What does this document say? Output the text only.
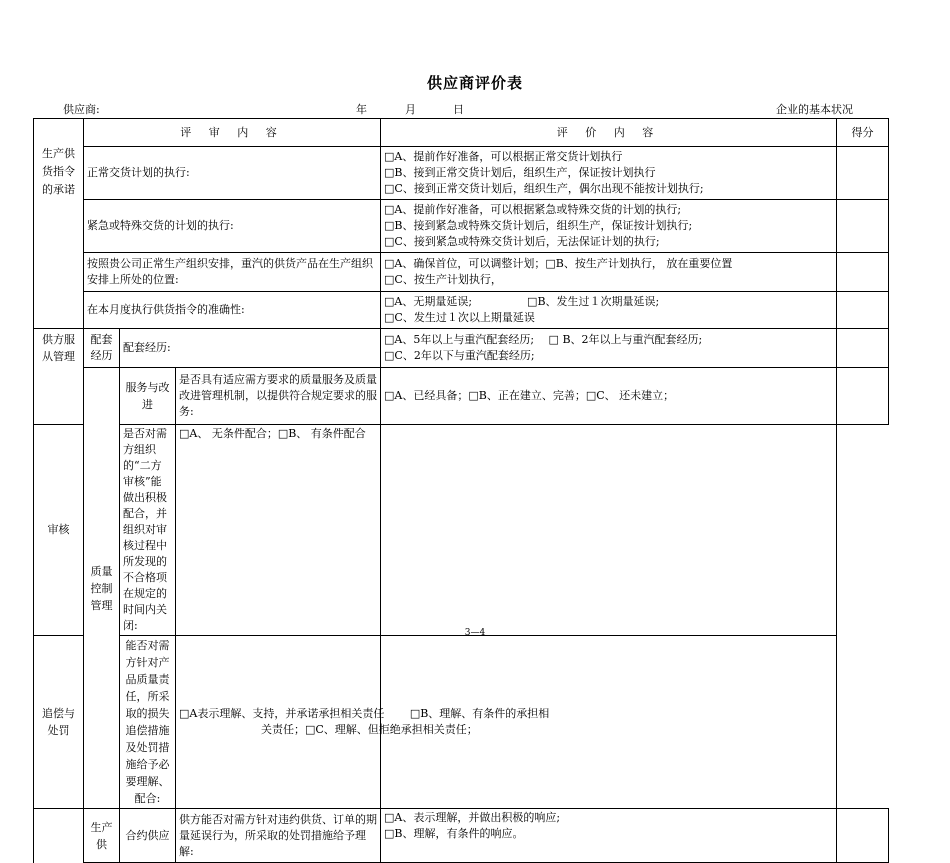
供应商评价表
供应商:	年	月	日	企业的基本状况
生产供货指令的承诺	评 审 内 容			评 价 内 容	得分
	正常交货计划的执行:			□A、提前作好准备，可以根据正常交货计划执行
□B、接到正常交货计划后，组织生产，保证按计划执行
□C、接到正常交货计划后，组织生产，偶尔出现不能按计划执行;	

	紧急或特殊交货的计划的执行:			□A、提前作好准备，可以根据紧急或特殊交货的计划的执行;
□B、接到紧急或特殊交货计划后，组织生产，保证按计划执行;
□C、接到紧急或特殊交货计划后，无法保证计划的执行;	

	按照贵公司正常生产组织安排，重汽的供货产品在生产组织安排上所处的位置:			□A、确保首位，可以调整计划；□B、按生产计划执行， 放在重要位置
□C、按生产计划执行，	

	在本月度执行供货指令的准确性:			□A、无期量延误;　　　　　□B、发生过１次期量延误;
□C、发生过１次以上期量延误	

供方服从管理	配套经历	配套经历:		□A、5年以上与重汽配套经历;　 □ B、2年以上与重汽配套经历;
□C、2年以下与重汽配套经历;	

	质量控制管理	服务与改进	是否具有适应需方要求的质量服务及质量改进管理机制，以提供符合规定要求的服务:	□A、已经具备；□B、正在建立、完善；□C、 还未建立；	

审核		是否对需方组织的“二方审核”能做出积极配合，并组织对审核过程中所发现的不合格项在规定的时间内关闭:	□A、 无条件配合；□B、 有条件配合		

追偿与处罚		能否对需方针对产品质量责任，所采取的损失追偿措施及处罚措施给予必要理解、配合:	□A表示理解、支持，并承诺承担相关责任　　 □B、理解、有条件的承担相
关责任；□C、理解、但拒绝承担相关责任；		

	生产供	合约供应	供方能否对需方针对违约供货、订单的期量延误行为，所采取的处罚措施给予理解:	□A、表示理解，并做出积极的响应;
□B、理解，有条件的响应。	

3—4
